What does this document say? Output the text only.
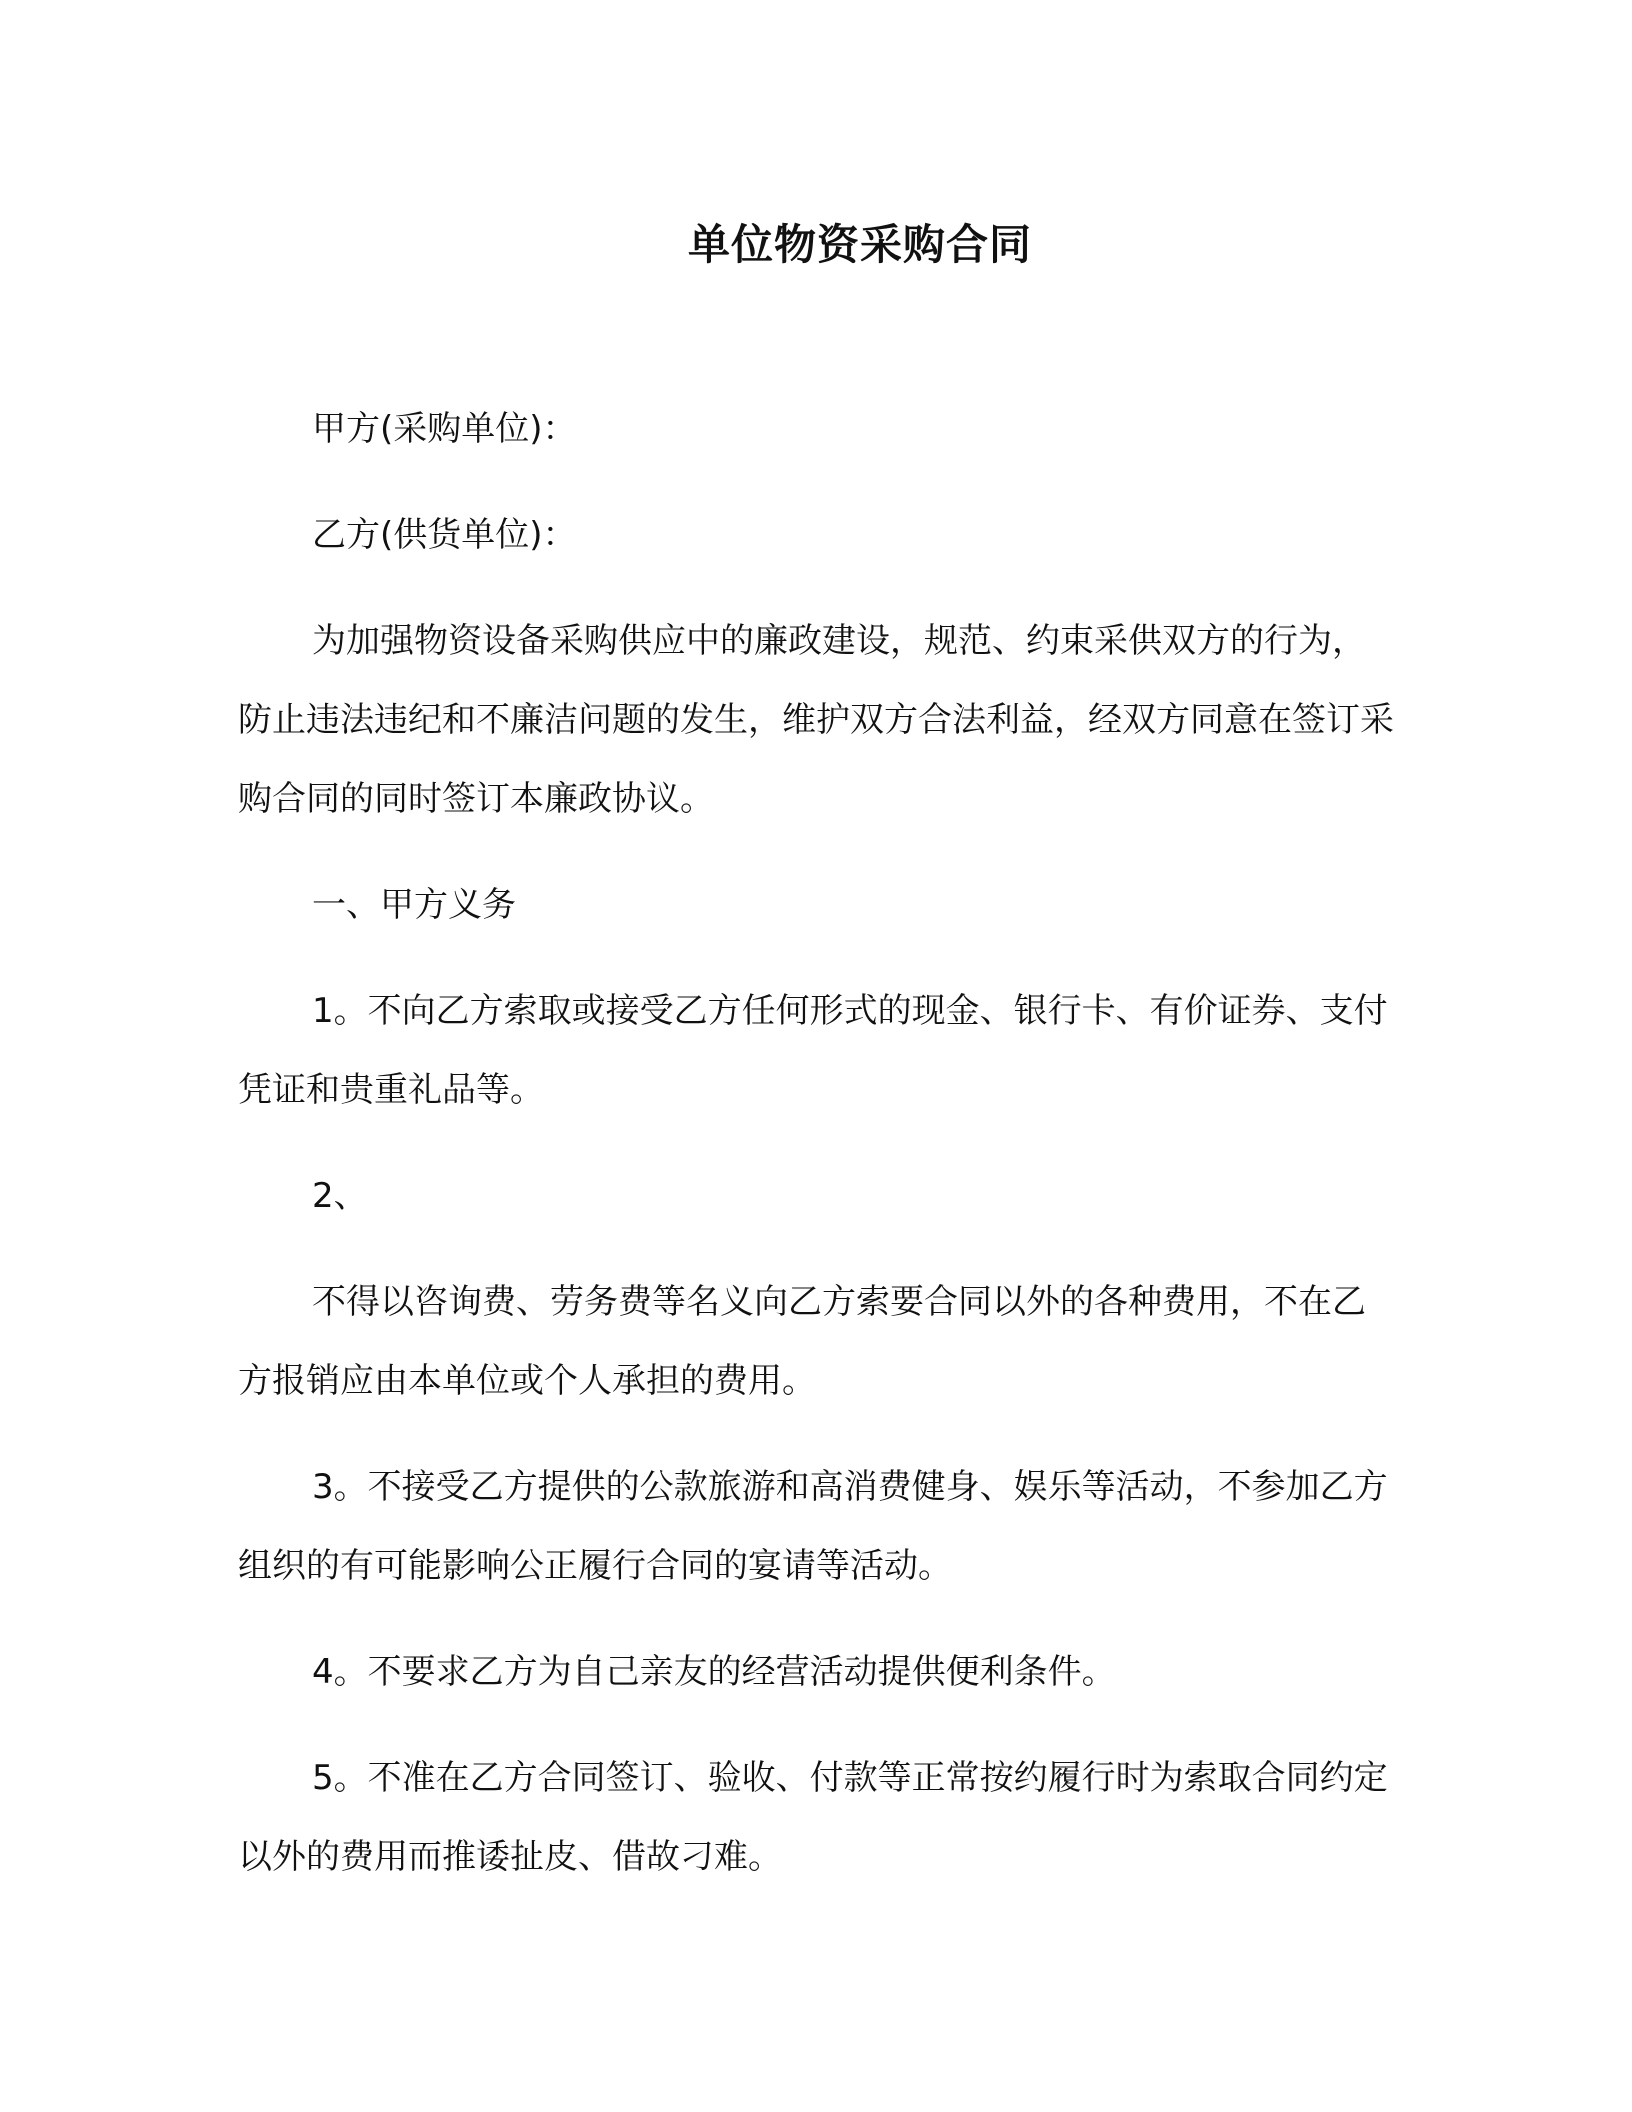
单位物资采购合同

甲方(采购单位)：

乙方(供货单位)：

为加强物资设备采购供应中的廉政建设，规范、约束采供双方的行为，防止违法违纪和不廉洁问题的发生，维护双方合法利益，经双方同意在签订采购合同的同时签订本廉政协议。

一、甲方义务

1。不向乙方索取或接受乙方任何形式的现金、银行卡、有价证券、支付凭证和贵重礼品等。

2、

不得以咨询费、劳务费等名义向乙方索要合同以外的各种费用，不在乙方报销应由本单位或个人承担的费用。

3。不接受乙方提供的公款旅游和高消费健身、娱乐等活动，不参加乙方组织的有可能影响公正履行合同的宴请等活动。

4。不要求乙方为自己亲友的经营活动提供便利条件。

5。不准在乙方合同签订、验收、付款等正常按约履行时为索取合同约定以外的费用而推诿扯皮、借故刁难。
